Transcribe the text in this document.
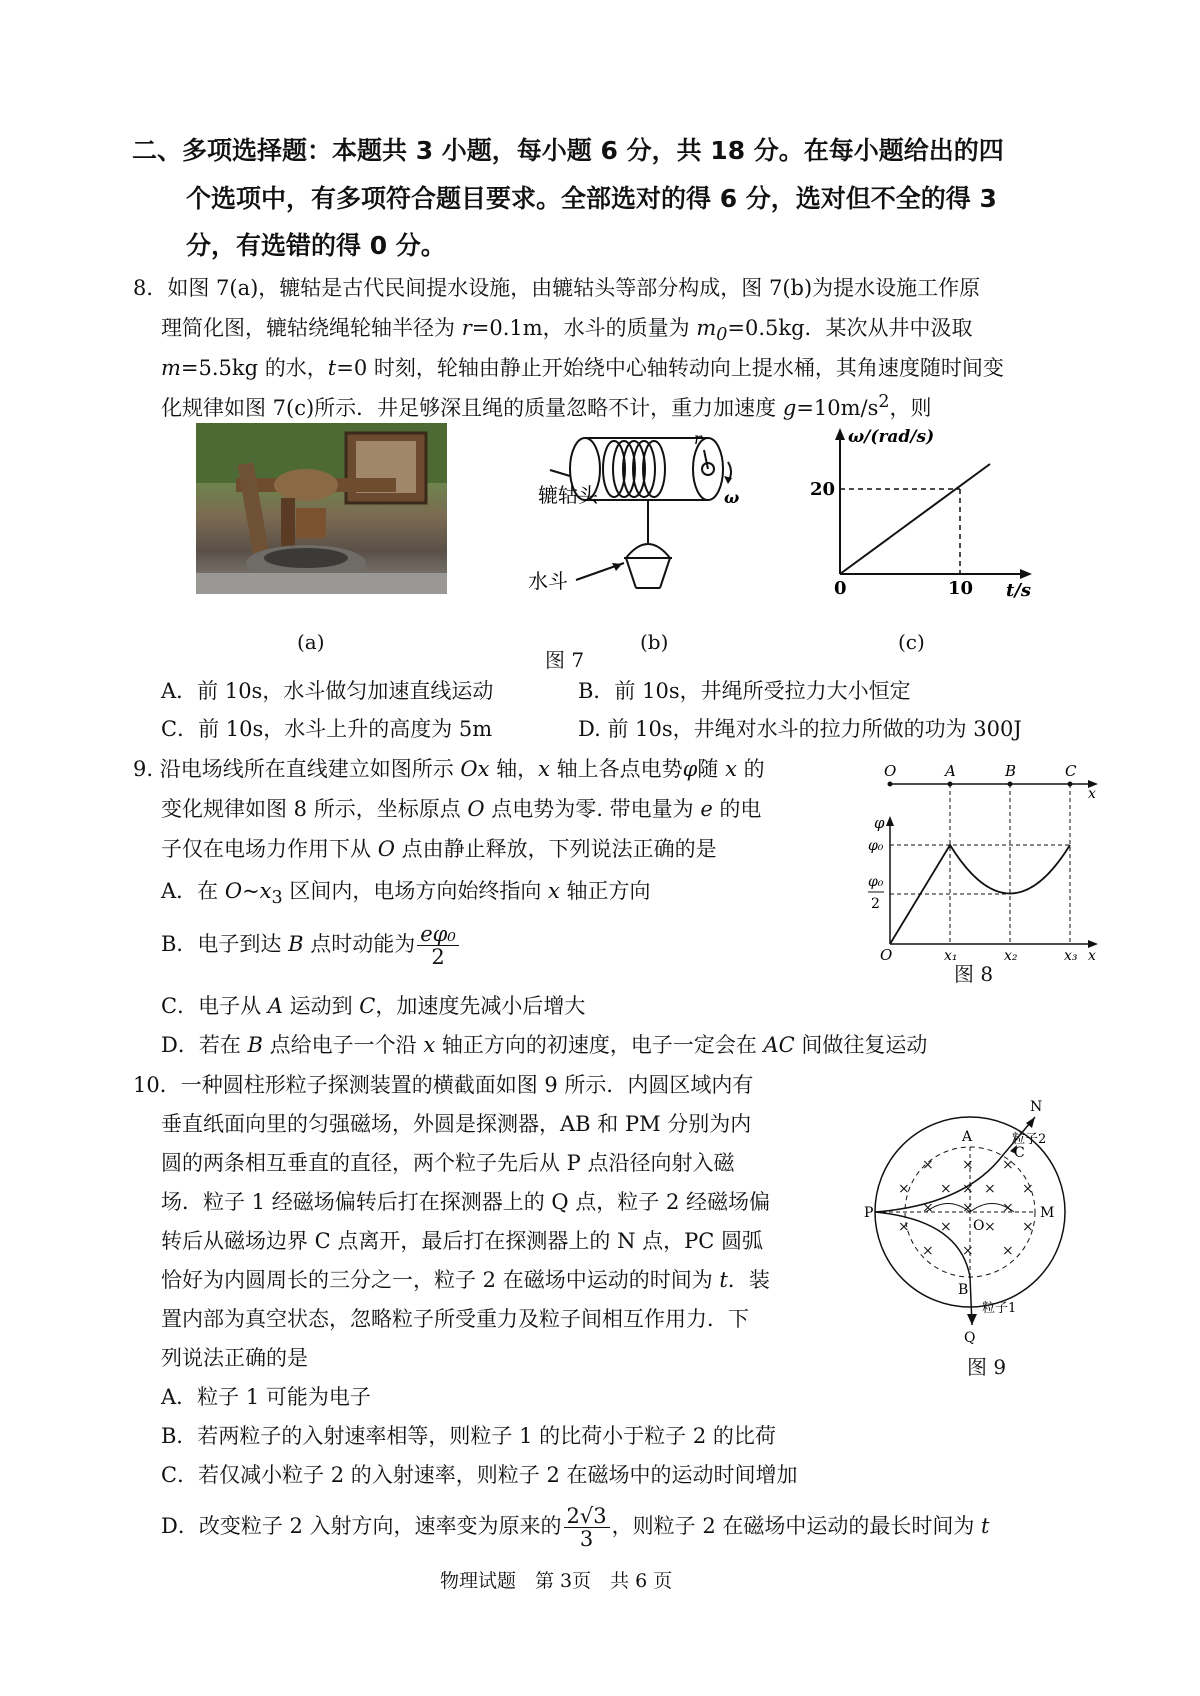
二、多项选择题：本题共 3 小题，每小题 6 分，共 18 分。在每小题给出的四
个选项中，有多项符合题目要求。全部选对的得 6 分，选对但不全的得 3
分，有选错的得 0 分。
8．如图 7(a)，辘轱是古代民间提水设施，由辘轱头等部分构成，图 7(b)为提水设施工作原
理简化图，辘轱绕绳轮轴半径为 r=0.1m，水斗的质量为 $m_0=0.5kg$．某次从井中汲取
m=5.5kg 的水，t=0 时刻，轮轴由静止开始绕中心轴转动向上提水桶，其角速度随时间变
化规律如图 7(c)所示．井足够深且绳的质量忽略不计，重力加速度 $g=10m/s^2$，则
r
ω
辘轱头
水斗
ω/(rad/s)
20
10
0	t/s
(a)	(b)	(c)
图 7
A．前 10s，水斗做匀加速直线运动	B．前 10s，井绳所受拉力大小恒定
C．前 10s，水斗上升的高度为 5m	D. 前 10s，井绳对水斗的拉力所做的功为 300J
9. 沿电场线所在直线建立如图所示 Ox 轴，x 轴上各点电势φ随 x 的
变化规律如图 8 所示，坐标原点 O 点电势为零. 带电量为 e 的电
子仅在电场力作用下从 O 点由静止释放，下列说法正确的是
A．在 $O\sim x_3$ 区间内，电场方向始终指向 x 轴正方向
B．电子到达 B 点时动能为 $\frac{\text{eφ₀}}{2}$
C．电子从 A 运动到 C，加速度先减小后增大
D．若在 B 点给电子一个沿 x 轴正方向的初速度，电子一定会在 AC 间做往复运动
O	A	B	C
x
x
φ
φ₀
φ₀
2
O	x₁	x₂	x₃
图 8
10．一种圆柱形粒子探测装置的横截面如图 9 所示．内圆区域内有
垂直纸面向里的匀强磁场，外圆是探测器，AB 和 PM 分别为内
圆的两条相互垂直的直径，两个粒子先后从 P 点沿径向射入磁
场．粒子 1 经磁场偏转后打在探测器上的 Q 点，粒子 2 经磁场偏
转后从磁场边界 C 点离开，最后打在探测器上的 N 点，PC 圆弧
恰好为内圆周长的三分之一，粒子 2 在磁场中运动的时间为 t．装
置内部为真空状态，忽略粒子所受重力及粒子间相互作用力．下
列说法正确的是
A．粒子 1 可能为电子
B．若两粒子的入射速率相等，则粒子 1 的比荷小于粒子 2 的比荷
C．若仅减小粒子 2 的入射速率，则粒子 2 在磁场中的运动时间增加
D．改变粒子 2 入射方向，速率变为原来的 $\frac{2√3}{3}$ ，则粒子 2 在磁场中运动的最长时间为 t
× × ×
× × × × ×
× × ×
× × × ×
× × ×
N
A
C
粒子2
P	M
O
B
粒子1
Q
图 9
物理试题　第 3页　共 6 页
